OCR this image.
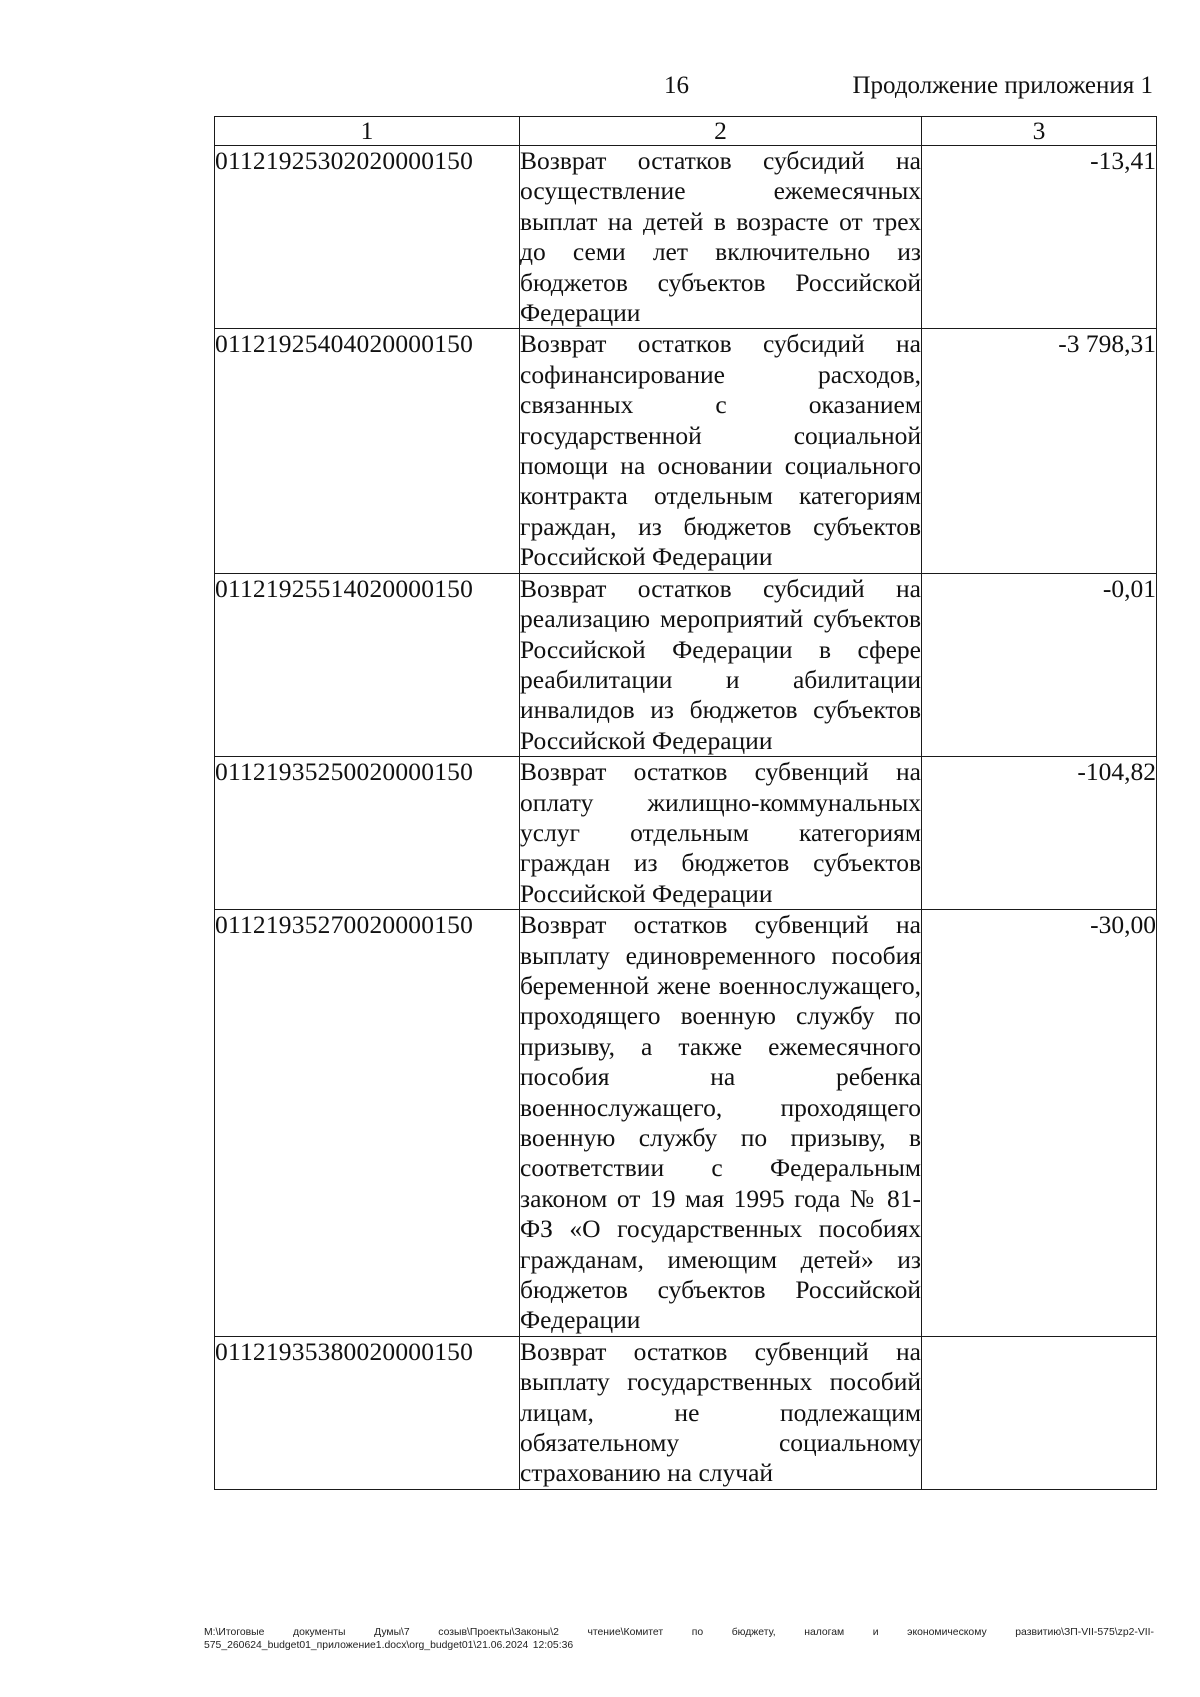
16	Продолжение приложения 1
1	2	3
01121925302020000150	Возврат остатков субсидий на осуществление ежемесячных выплат на детей в возрасте от трех до семи лет включительно из бюджетов субъектов Российской Федерации	-13,41
01121925404020000150	Возврат остатков субсидий на софинансирование расходов, связанных с оказанием государственной социальной помощи на основании социального контракта отдельным категориям граждан, из бюджетов субъектов Российской Федерации	-3 798,31
01121925514020000150	Возврат остатков субсидий на реализацию мероприятий субъектов Российской Федерации в сфере реабилитации и абилитации инвалидов из бюджетов субъектов Российской Федерации	-0,01
01121935250020000150	Возврат остатков субвенций на оплату жилищно-коммунальных услуг отдельным категориям граждан из бюджетов субъектов Российской Федерации	-104,82
01121935270020000150	Возврат остатков субвенций на выплату единовременного пособия беременной жене военнослужащего, проходящего военную службу по призыву, а также ежемесячного пособия на ребенка военнослужащего, проходящего военную службу по призыву, в соответствии с Федеральным законом от 19 мая 1995 года № 81-ФЗ «О государственных пособиях гражданам, имеющим детей» из бюджетов субъектов Российской Федерации	-30,00
01121935380020000150	Возврат остатков субвенций на выплату государственных пособий лицам, не подлежащим обязательному социальному страхованию на случай	
М:\Итоговые документы Думы\7 созыв\Проекты\Законы\2 чтение\Комитет по бюджету, налогам и экономическому развитию\ЗП-VII-575\zp2-VII-575_260624_budget01_приложение1.docx\org_budget01\21.06.2024 12:05:36
